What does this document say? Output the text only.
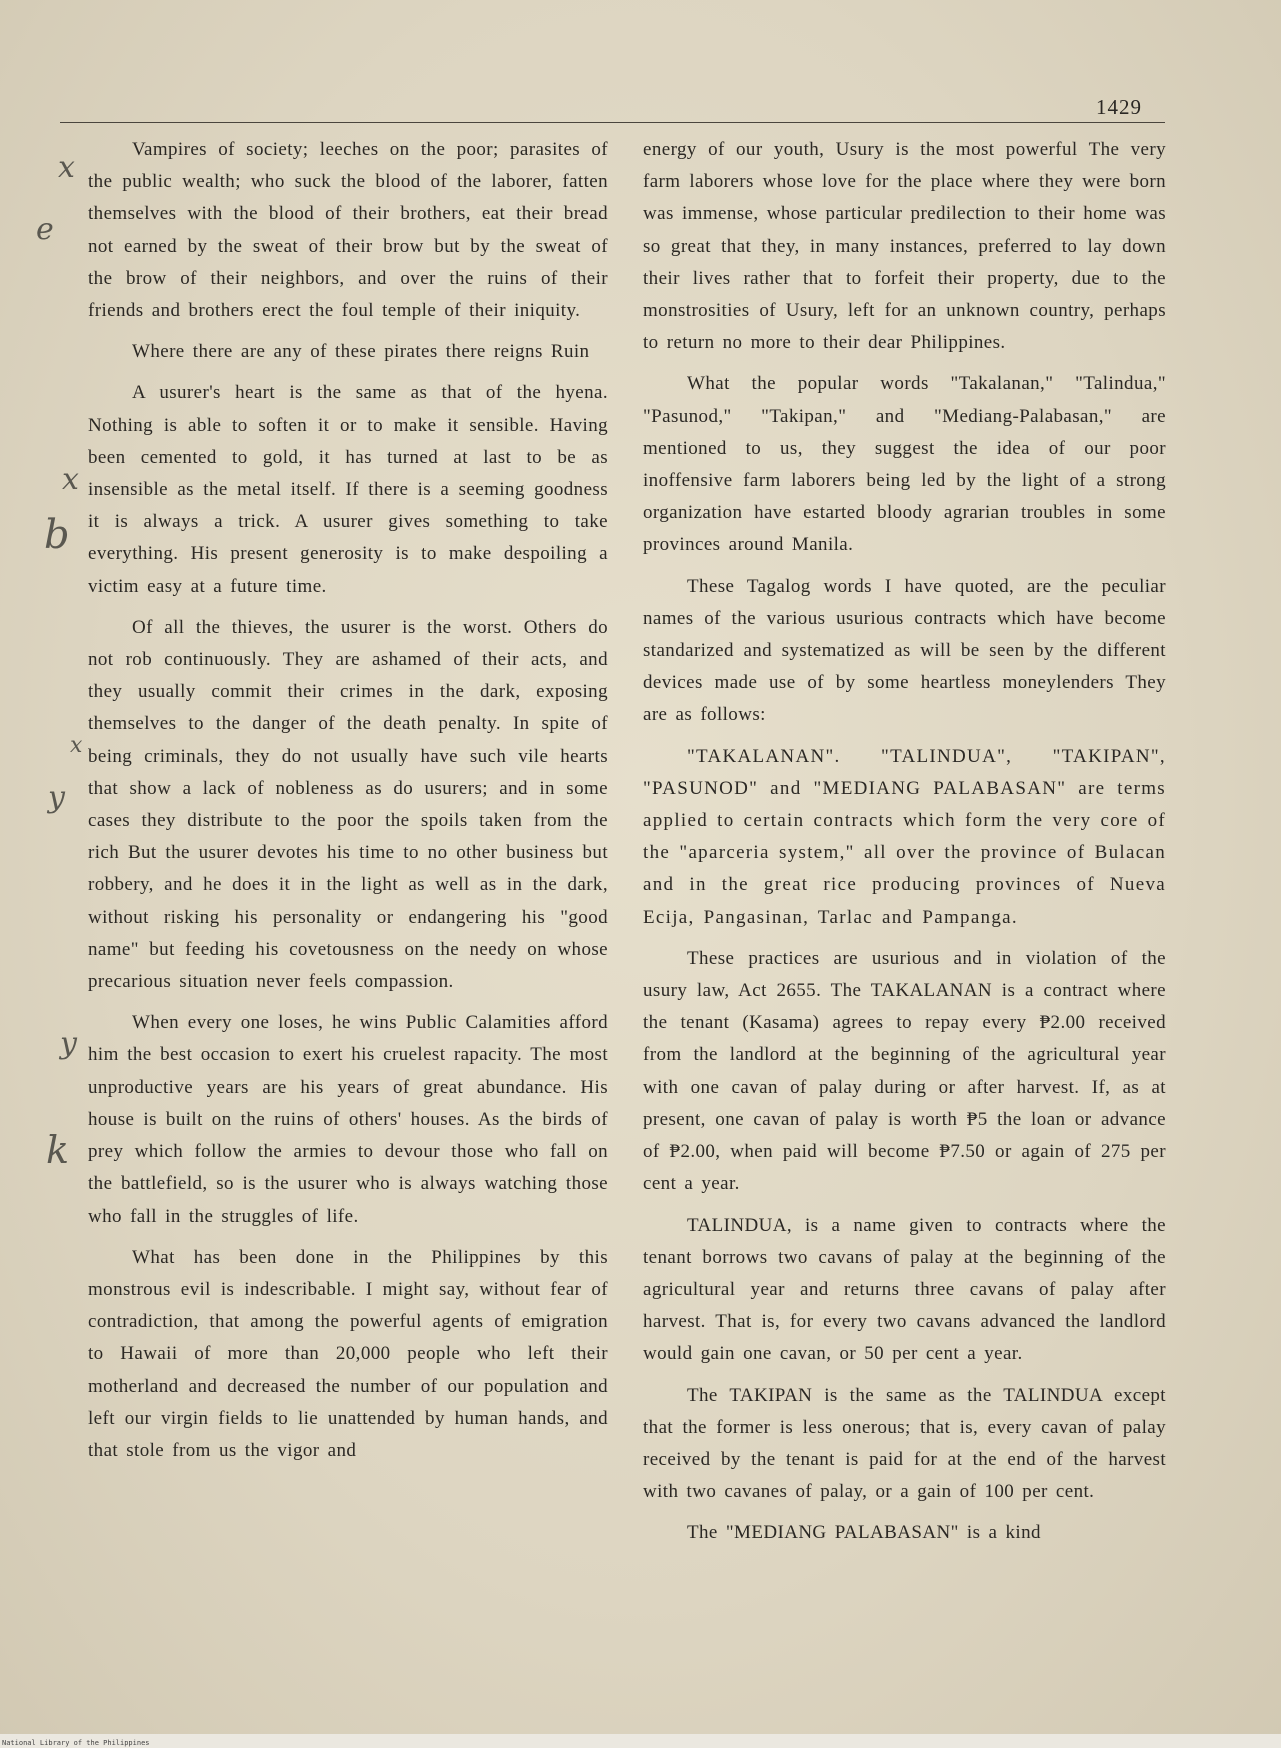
1429
x
e
x
b
x
y
y
k

Vampires of society; leeches on the poor; parasites of the public wealth; who suck the blood of the laborer, fatten themselves with the blood of their brothers, eat their bread not earned by the sweat of their brow but by the sweat of the brow of their neighbors, and over the ruins of their friends and brothers erect the foul temple of their iniquity.

Where there are any of these pirates there reigns Ruin

A usurer's heart is the same as that of the hyena. Nothing is able to soften it or to make it sensible. Having been cemented to gold, it has turned at last to be as insensible as the metal itself. If there is a seeming goodness it is always a trick. A usurer gives something to take everything. His present generosity is to make despoiling a victim easy at a future time.

Of all the thieves, the usurer is the worst. Others do not rob continuously. They are ashamed of their acts, and they usually commit their crimes in the dark, exposing themselves to the danger of the death penalty. In spite of being criminals, they do not usually have such vile hearts that show a lack of nobleness as do usurers; and in some cases they distribute to the poor the spoils taken from the rich But the usurer devotes his time to no other business but robbery, and he does it in the light as well as in the dark, without risking his personality or endangering his "good name" but feeding his covetousness on the needy on whose precarious situation never feels compassion.

When every one loses, he wins Public Calamities afford him the best occasion to exert his cruelest rapacity. The most unproductive years are his years of great abundance. His house is built on the ruins of others' houses. As the birds of prey which follow the armies to devour those who fall on the battlefield, so is the usurer who is always watching those who fall in the struggles of life.

What has been done in the Philippines by this monstrous evil is indescribable. I might say, without fear of contradiction, that among the powerful agents of emigration to Hawaii of more than 20,000 people who left their motherland and decreased the number of our population and left our virgin fields to lie unattended by human hands, and that stole from us the vigor and

energy of our youth, Usury is the most powerful The very farm laborers whose love for the place where they were born was immense, whose particular predilection to their home was so great that they, in many instances, preferred to lay down their lives rather that to forfeit their property, due to the monstrosities of Usury, left for an unknown country, perhaps to return no more to their dear Philippines.

What the popular words "Takalanan," "Talindua," "Pasunod," "Takipan," and "Mediang-Palabasan," are mentioned to us, they suggest the idea of our poor inoffensive farm laborers being led by the light of a strong organization have estarted bloody agrarian troubles in some provinces around Manila.

These Tagalog words I have quoted, are the peculiar names of the various usurious contracts which have become standarized and systematized as will be seen by the different devices made use of by some heartless moneylenders They are as follows:

"TAKALANAN". "TALINDUA", "TAKIPAN", "PASUNOD" and "MEDIANG PALABASAN" are terms applied to certain contracts which form the very core of the "aparceria system," all over the province of Bulacan and in the great rice producing provinces of Nueva Ecija, Pangasinan, Tarlac and Pampanga.

These practices are usurious and in violation of the usury law, Act 2655. The TAKALANAN is a contract where the tenant (Kasama) agrees to repay every ₱2.00 received from the landlord at the beginning of the agricultural year with one cavan of palay during or after harvest. If, as at present, one cavan of palay is worth ₱5 the loan or advance of ₱2.00, when paid will become ₱7.50 or again of 275 per cent a year.

TALINDUA, is a name given to contracts where the tenant borrows two cavans of palay at the beginning of the agricultural year and returns three cavans of palay after harvest. That is, for every two cavans advanced the landlord would gain one cavan, or 50 per cent a year.

The TAKIPAN is the same as the TALINDUA except that the former is less onerous; that is, every cavan of palay received by the tenant is paid for at the end of the harvest with two cavanes of palay, or a gain of 100 per cent.

The "MEDIANG PALABASAN" is a kind

National Library of the Philippines
